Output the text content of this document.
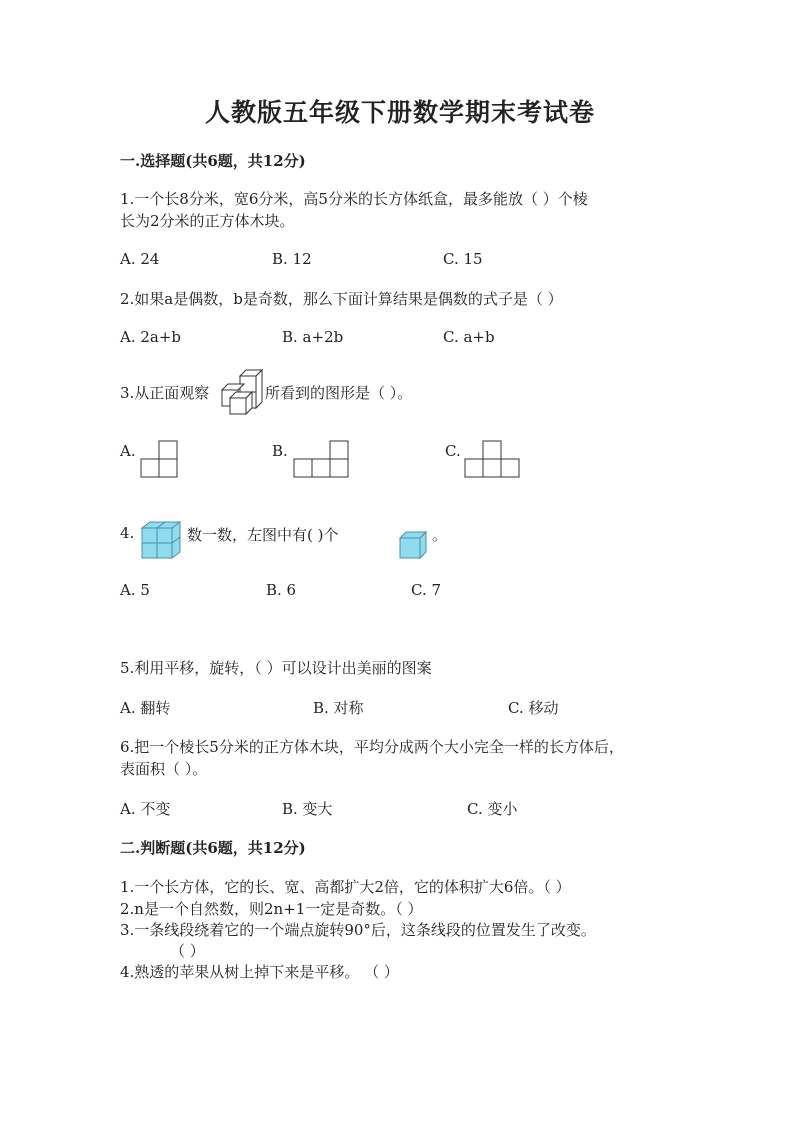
人教版五年级下册数学期末考试卷
一.选择题(共6题，共12分)
1.一个长8分米，宽6分米，高5分米的长方体纸盒，最多能放（ ）个棱
长为2分米的正方体木块。
A. 24	B. 12	C. 15
2.如果a是偶数，b是奇数，那么下面计算结果是偶数的式子是（ ）
A. 2a+b	B. a+2b	C. a+b
3.从正面观察	所看到的图形是（ ）。
A.	B.	C.
4.	数一数，左图中有( )个	。
A. 5	B. 6	C. 7
5.利用平移，旋转，（ ）可以设计出美丽的图案
A. 翻转	B. 对称	C. 移动
6.把一个棱长5分米的正方体木块，平均分成两个大小完全一样的长方体后，
表面积（ ）。
A. 不变	B. 变大	C. 变小
二.判断题(共6题，共12分)
1.一个长方体，它的长、宽、高都扩大2倍，它的体积扩大6倍。（ ）
2.n是一个自然数，则2n+1一定是奇数。（ ）
3.一条线段绕着它的一个端点旋转90°后，这条线段的位置发生了改变。
（ ）
4.熟透的苹果从树上掉下来是平移。 （ ）
